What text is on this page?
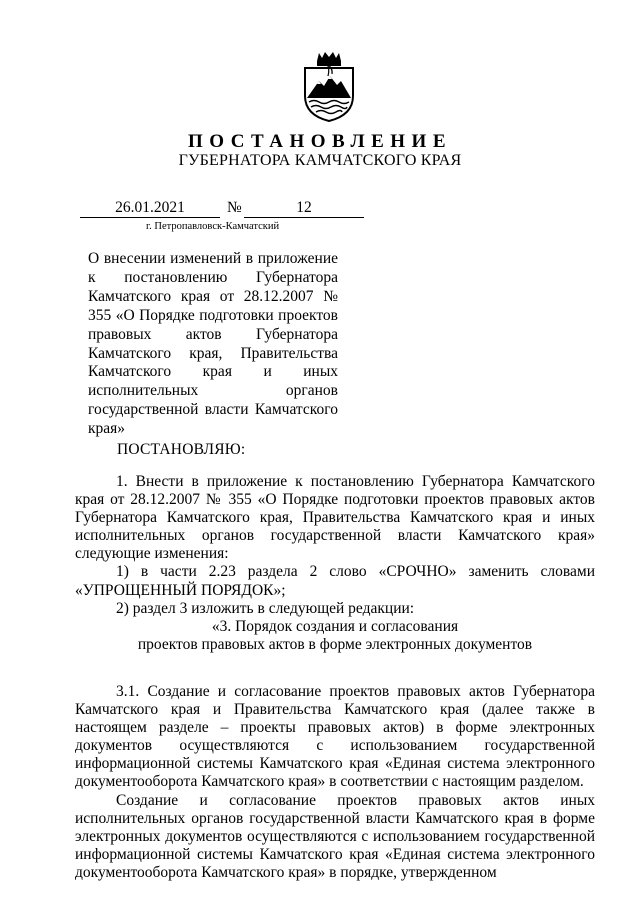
ПОСТАНОВЛЕНИЕ
ГУБЕРНАТОРА КАМЧАТСКОГО КРАЯ
26.01.2021	№	12
г. Петропавловск-Камчатский
О внесении изменений в приложение к постановлению Губернатора Камчатского края от 28.12.2007 № 355 «О Порядке подготовки проектов правовых актов Губернатора Камчатского края, Правительства Камчатского края и иных исполнительных органов государственной власти Камчатского края»
ПОСТАНОВЛЯЮ:

1. Внести в приложение к постановлению Губернатора Камчатского края от 28.12.2007 № 355 «О Порядке подготовки проектов правовых актов Губернатора Камчатского края, Правительства Камчатского края и иных исполнительных органов государственной власти Камчатского края» следующие изменения:

1) в части 2.23 раздела 2 слово «СРОЧНО» заменить словами «УПРОЩЕННЫЙ ПОРЯДОК»;

2) раздел 3 изложить в следующей редакции:

«3. Порядок создания и согласования

проектов правовых актов в форме электронных документов

3.1. Создание и согласование проектов правовых актов Губернатора Камчатского края и Правительства Камчатского края (далее также в настоящем разделе – проекты правовых актов) в форме электронных документов осуществляются с использованием государственной информационной системы Камчатского края «Единая система электронного документооборота Камчатского края» в соответствии с настоящим разделом.

Создание и согласование проектов правовых актов иных исполнительных органов государственной власти Камчатского края в форме электронных документов осуществляются с использованием государственной информационной системы Камчатского края «Единая система электронного документооборота Камчатского края» в порядке, утвержденном
